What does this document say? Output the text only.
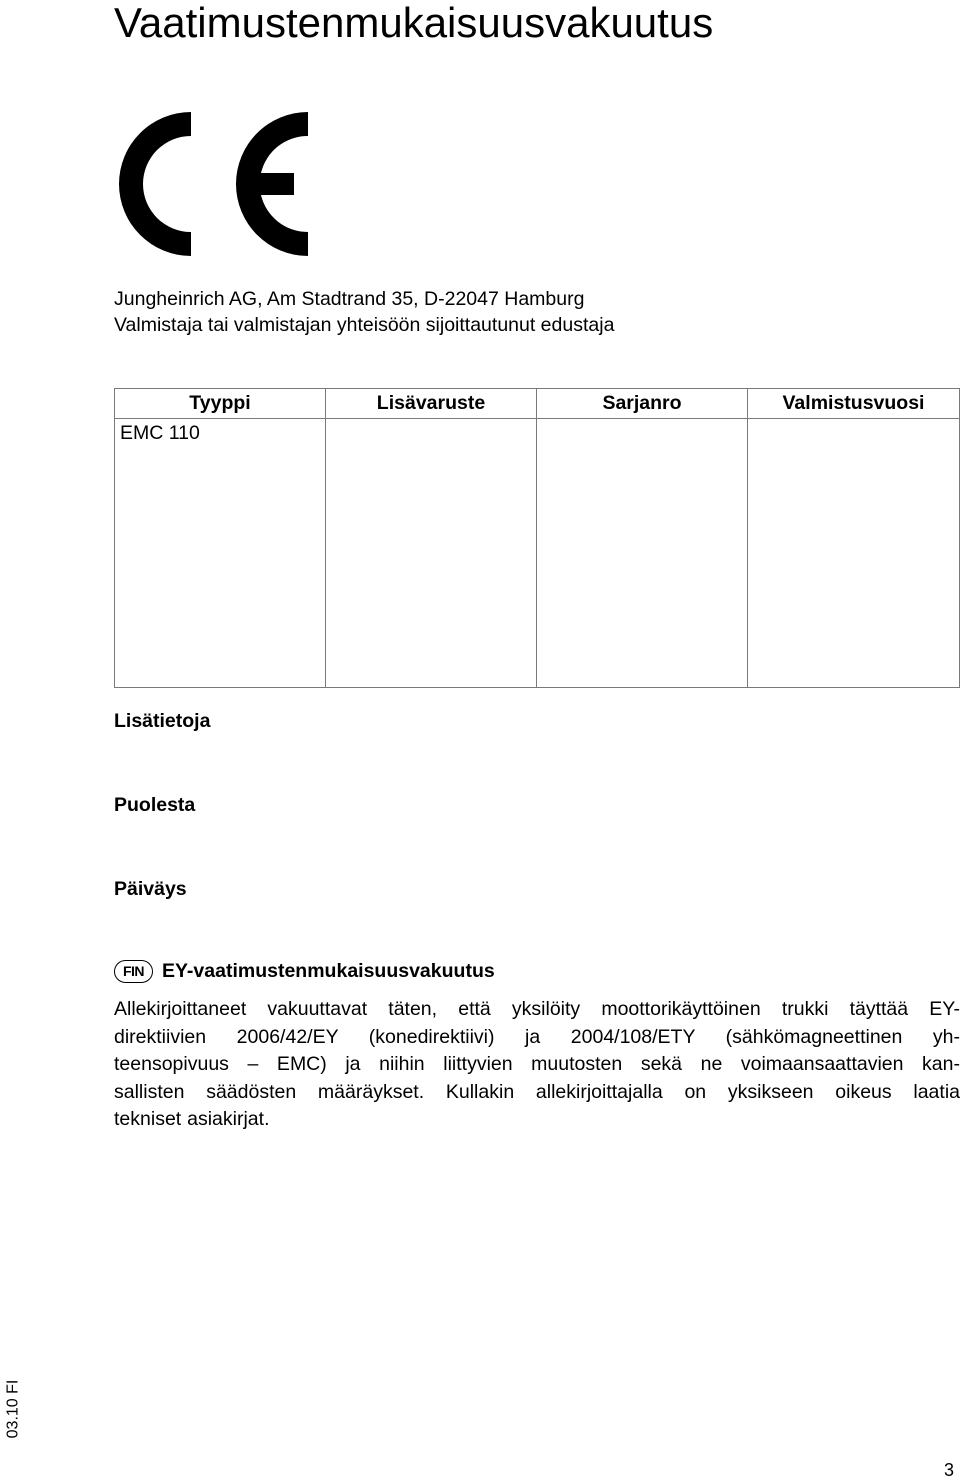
Vaatimustenmukaisuusvakuutus
Jungheinrich AG, Am Stadtrand 35, D-22047 Hamburg
Valmistaja tai valmistajan yhteisöön sijoittautunut edustaja
Tyyppi	Lisävaruste	Sarjanro	Valmistusvuosi
EMC 110			
Lisätietoja
Puolesta
Päiväys
FIN EY-vaatimustenmukaisuusvakuutus

Allekirjoittaneet vakuuttavat täten, että yksilöity moottorikäyttöinen trukki täyttää EY-
direktiivien 2006/42/EY (konedirektiivi) ja 2004/108/ETY (sähkömagneettinen yh-
teensopivuus – EMC) ja niihin liittyvien muutosten sekä ne voimaansaattavien kan-
sallisten säädösten määräykset. Kullakin allekirjoittajalla on yksikseen oikeus laatia
tekniset asiakirjat.

03.10 FI
3
